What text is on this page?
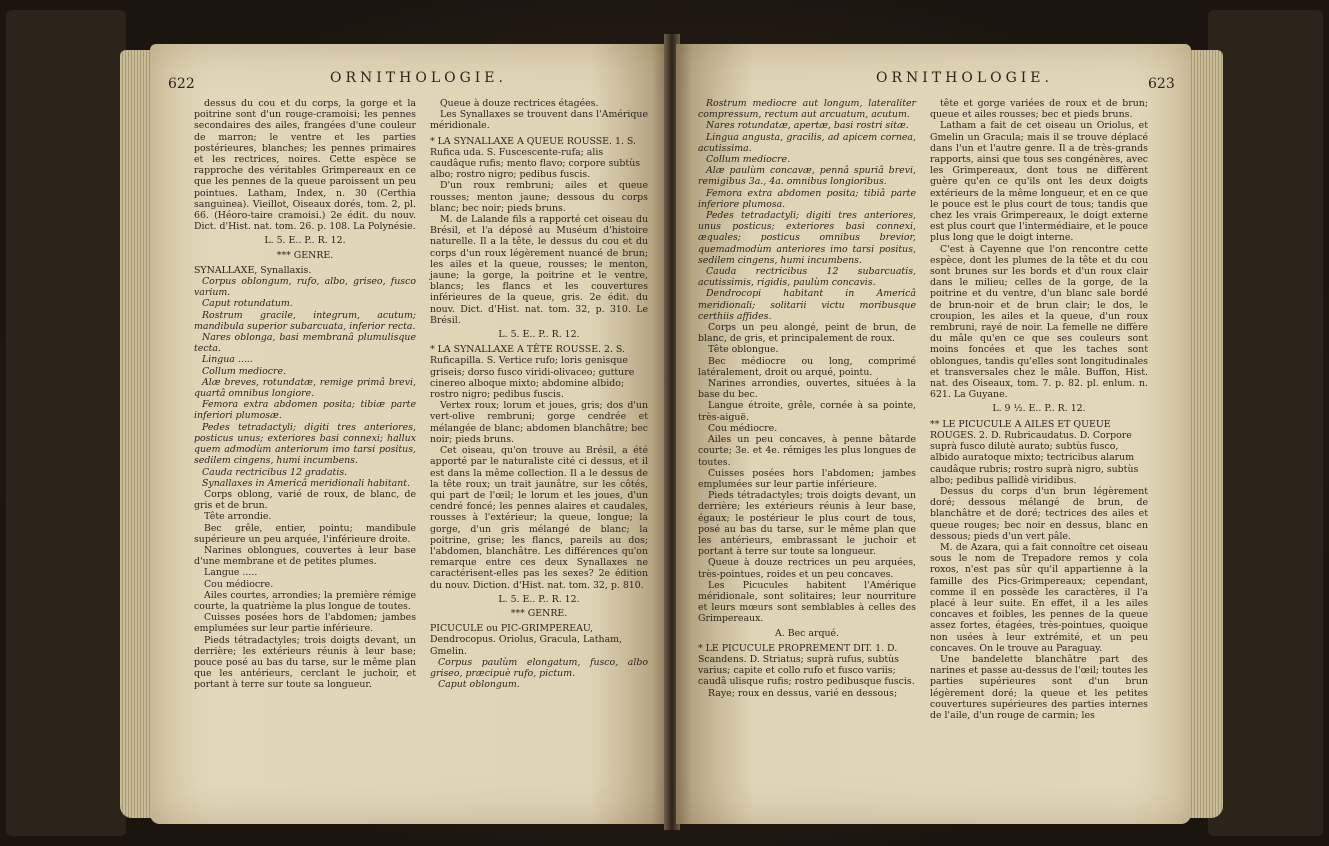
622	ORNITHOLOGIE.

dessus du cou et du corps, la gorge et la poitrine sont d'un rouge-cramoisi; les pennes secondaires des ailes, frangées d'une couleur de marron; le ventre et les parties postérieures, blanches; les pennes primaires et les rectrices, noires. Cette espèce se rapproche des véritables Grimpereaux en ce que les pennes de la queue paroissent un peu pointues. Latham, Index, n. 30 (Certhia sanguinea). Vieillot, Oiseaux dorés, tom. 2, pl. 66. (Héoro-taire cramoisi.) 2e édit. du nouv. Dict. d'Hist. nat. tom. 26. p. 108. La Polynésie.

L. 5. E.. P.. R. 12.

*** GENRE.

SYNALLAXE, Synallaxis.

Corpus oblongum, rufo, albo, griseo, fusco varium.

Caput rotundatum.

Rostrum gracile, integrum, acutum; mandibula superior subarcuata, inferior recta.

Nares oblonga, basi membranâ plumulisque tecta.

Lingua .....

Collum mediocre.

Alæ breves, rotundatæ, remige primâ brevi, quartâ omnibus longiore.

Femora extra abdomen posita; tibiæ parte inferiori plumosæ.

Pedes tetradactyli; digiti tres anteriores, posticus unus; exteriores basi connexi; hallux quem admodùm anteriorum imo tarsi positus, sedilem cingens, humi incumbens.

Cauda rectricibus 12 gradatis.

Synallaxes in Americâ meridionali habitant.

Corps oblong, varié de roux, de blanc, de gris et de brun.

Tête arrondie.

Bec grêle, entier, pointu; mandibule supérieure un peu arquée, l'inférieure droite.

Narines oblongues, couvertes à leur base d'une membrane et de petites plumes.

Langue .....

Cou médiocre.

Ailes courtes, arrondies; la première rémige courte, la quatrième la plus longue de toutes.

Cuisses posées hors de l'abdomen; jambes emplumées sur leur partie inférieure.

Pieds tétradactyles; trois doigts devant, un derrière; les extérieurs réunis à leur base; pouce posé au bas du tarse, sur le même plan que les antérieurs, cerclant le juchoir, et portant à terre sur toute sa longueur.

Queue à douze rectrices étagées.

Les Synallaxes se trouvent dans l'Amérique méridionale.

* LA SYNALLAXE A QUEUE ROUSSE. 1. S. Rufica uda. S. Fuscescente-rufa; alis caudâque rufis; mento flavo; corpore subtùs albo; rostro nigro; pedibus fuscis.

D'un roux rembruni; ailes et queue rousses; menton jaune; dessous du corps blanc; bec noir; pieds bruns.

M. de Lalande fils a rapporté cet oiseau du Brésil, et l'a déposé au Muséum d'histoire naturelle. Il a la tête, le dessus du cou et du corps d'un roux légèrement nuancé de brun; les ailes et la queue, rousses; le menton, jaune; la gorge, la poitrine et le ventre, blancs; les flancs et les couvertures inférieures de la queue, gris. 2e édit. du nouv. Dict. d'Hist. nat. tom. 32, p. 310. Le Brésil.

L. 5. E.. P.. R. 12.

* LA SYNALLAXE A TÊTE ROUSSE. 2. S. Ruficapilla. S. Vertice rufo; loris genisque griseis; dorso fusco viridi-olivaceo; gutture cinereo alboque mixto; abdomine albido; rostro nigro; pedibus fuscis.

Vertex roux; lorum et joues, gris; dos d'un vert-olive rembruni; gorge cendrée et mélangée de blanc; abdomen blanchâtre; bec noir; pieds bruns.

Cet oiseau, qu'on trouve au Brésil, a été apporté par le naturaliste cité ci dessus, et il est dans la même collection. Il a le dessus de la tête roux; un trait jaunâtre, sur les côtés, qui part de l'œil; le lorum et les joues, d'un cendré foncé; les pennes alaires et caudales, rousses à l'extérieur; la queue, longue; la gorge, d'un gris mélangé de blanc; la poitrine, grise; les flancs, pareils au dos; l'abdomen, blanchâtre. Les différences qu'on remarque entre ces deux Synallaxes ne caractérisent-elles pas les sexes? 2e édition du nouv. Diction. d'Hist. nat. tom. 32, p. 810.

L. 5. E.. P.. R. 12.

*** GENRE.

PICUCULE ou PIC-GRIMPEREAU, Dendrocopus. Oriolus, Gracula, Latham, Gmelin.

Corpus paulùm elongatum, fusco, albo griseo, præcipuè rufo, pictum.

Caput oblongum.

ORNITHOLOGIE.	623

Rostrum mediocre aut longum, lateraliter compressum, rectum aut arcuatum, acutum.

Nares rotundatæ, apertæ, basi rostri sitæ.

Lingua angusta, gracilis, ad apicem cornea, acutissima.

Collum mediocre.

Alæ paulùm concavæ, pennâ spuriâ brevi, remigibus 3a., 4a. omnibus longioribus.

Femora extra abdomen posita; tibiâ parte inferiore plumosa.

Pedes tetradactyli; digiti tres anteriores, unus posticus; exteriores basi connexi, æquales; posticus omnibus brevior, quemadmodùm anteriores imo tarsi positus, sedilem cingens, humi incumbens.

Cauda rectricibus 12 subarcuatis, acutissimis, rigidis, paulùm concavis.

Dendrocopi habitant in Americâ meridionali; solitarii victu moribusque certhiis affides.

Corps un peu alongé, peint de brun, de blanc, de gris, et principalement de roux.

Tête oblongue.

Bec médiocre ou long, comprimé latéralement, droit ou arqué, pointu.

Narines arrondies, ouvertes, situées à la base du bec.

Langue étroite, grêle, cornée à sa pointe, très-aiguë.

Cou médiocre.

Ailes un peu concaves, à penne bâtarde courte; 3e. et 4e. rémiges les plus longues de toutes.

Cuisses posées hors l'abdomen; jambes emplumées sur leur partie inférieure.

Pieds tétradactyles; trois doigts devant, un derrière; les extérieurs réunis à leur base, égaux; le postérieur le plus court de tous, posé au bas du tarse, sur le même plan que les antérieurs, embrassant le juchoir et portant à terre sur toute sa longueur.

Queue à douze rectrices un peu arquées, très-pointues, roides et un peu concaves.

Les Picucules habitent l'Amérique méridionale, sont solitaires; leur nourriture et leurs mœurs sont semblables à celles des Grimpereaux.

A. Bec arqué.

* LE PICUCULE PROPREMENT DIT. 1. D. Scandens. D. Striatus; suprà rufus, subtùs varius; capite et collo rufo et fusco variis; caudâ ulisque rufis; rostro pedibusque fuscis.

Raye; roux en dessus, varié en dessous;

tête et gorge variées de roux et de brun; queue et ailes rousses; bec et pieds bruns.

Latham a fait de cet oiseau un Oriolus, et Gmelin un Gracula; mais il se trouve déplacé dans l'un et l'autre genre. Il a de très-grands rapports, ainsi que tous ses congénères, avec les Grimpereaux, dont tous ne diffèrent guère qu'en ce qu'ils ont les deux doigts extérieurs de la même longueur, et en ce que le pouce est le plus court de tous; tandis que chez les vrais Grimpereaux, le doigt externe est plus court que l'intermédiaire, et le pouce plus long que le doigt interne.

C'est à Cayenne que l'on rencontre cette espèce, dont les plumes de la tête et du cou sont brunes sur les bords et d'un roux clair dans le milieu; celles de la gorge, de la poitrine et du ventre, d'un blanc sale bordé de brun-noir et de brun clair; le dos, le croupion, les ailes et la queue, d'un roux rembruni, rayé de noir. La femelle ne diffère du mâle qu'en ce que ses couleurs sont moins foncées et que les taches sont oblongues, tandis qu'elles sont longitudinales et transversales chez le mâle. Buffon, Hist. nat. des Oiseaux, tom. 7. p. 82. pl. enlum. n. 621. La Guyane.

L. 9 ½. E.. P.. R. 12.

** LE PICUCULE A AILES ET QUEUE ROUGES. 2. D. Rubricaudatus. D. Corpore suprà fusco dilutè aurato; subtùs fusco, albido auratoque mixto; tectricibus alarum caudâque rubris; rostro suprà nigro, subtùs albo; pedibus pallidè viridibus.

Dessus du corps d'un brun légèrement doré; dessous mélangé de brun, de blanchâtre et de doré; tectrices des ailes et queue rouges; bec noir en dessus, blanc en dessous; pieds d'un vert pâle.

M. de Azara, qui a fait connoître cet oiseau sous le nom de Trepadore remos y cola roxos, n'est pas sûr qu'il appartienne à la famille des Pics-Grimpereaux; cependant, comme il en possède les caractères, il l'a placé à leur suite. En effet, il a les ailes concaves et foibles, les pennes de la queue assez fortes, étagées, très-pointues, quoique non usées à leur extrémité, et un peu concaves. On le trouve au Paraguay.

Une bandelette blanchâtre part des narines et passe au-dessus de l'œil; toutes les parties supérieures sont d'un brun légèrement doré; la queue et les petites couvertures supérieures des parties internes de l'aile, d'un rouge de carmin; les
